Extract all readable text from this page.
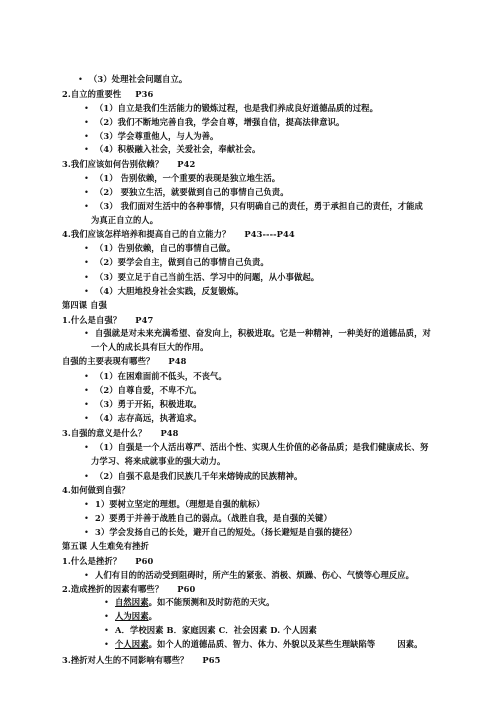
• （3）处理社会问题自立。
2.自立的重要性 P36
• （1）自立是我们生活能力的锻炼过程，也是我们养成良好道德品质的过程。
• （2）我们不断地完善自我，学会自尊，增强自信，提高法律意识。
• （3）学会尊重他人，与人为善。
• （4）积极融入社会，关爱社会，奉献社会。
3.我们应该如何告别依赖？ P42
• （1） 告别依赖，一个重要的表现是独立地生活。
• （2） 要独立生活，就要做到自己的事情自己负责。
• （3） 我们面对生活中的各种事情，只有明确自己的责任，勇于承担自己的责任，才能成
为真正自立的人。
4.我们应该怎样培养和提高自己的自立能力？ P43----P44
• （1）告别依赖，自己的事情自己做。
• （2）要学会自主，做到自己的事情自己负责。
• （3）要立足于自己当前生活、学习中的问题，从小事做起。
• （4）大胆地投身社会实践，反复锻炼。
第四课 自强
1.什么是自强？ P47
• 自强就是对未来充满希望、奋发向上，积极进取。它是一种精神，一种美好的道德品质，对
一个人的成长具有巨大的作用。
自强的主要表现有哪些？ P48
• （1）在困难面前不低头，不丧气。
• （2）自尊自爱，不卑不亢。
• （3）勇于开拓，积极进取。
• （4）志存高远，执著追求。
3.自强的意义是什么？ P48
• （1）自强是一个人活出尊严、活出个性、实现人生价值的必备品质；是我们健康成长、努
力学习、将来成就事业的强大动力。
• （2）自强不息是我们民族几千年来熔铸成的民族精神。
4.如何做到自强？
• 1）要树立坚定的理想。（理想是自强的航标）
• 2）要勇于并善于战胜自己的弱点。（战胜自我，是自强的关键）
• 3）学会发扬自己的长处，避开自己的短处。（扬长避短是自强的捷径）
第五课 人生难免有挫折
1.什么是挫折？ P60
• 人们有目的的活动受到阻碍时，所产生的紧张、消极、烦躁、伤心、气愤等心理反应。
2.造成挫折的因素有哪些？ P60
• 自然因素。如不能预测和及时防范的天灾。
• 人为因素。
• A．学校因素 B．家庭因素 C．社会因素 D. 个人因素
• 个人因素。如个人的道德品质、智力、体力、外貌以及某些生理缺陷等	因素。
3.挫折对人生的不同影响有哪些？ P65
